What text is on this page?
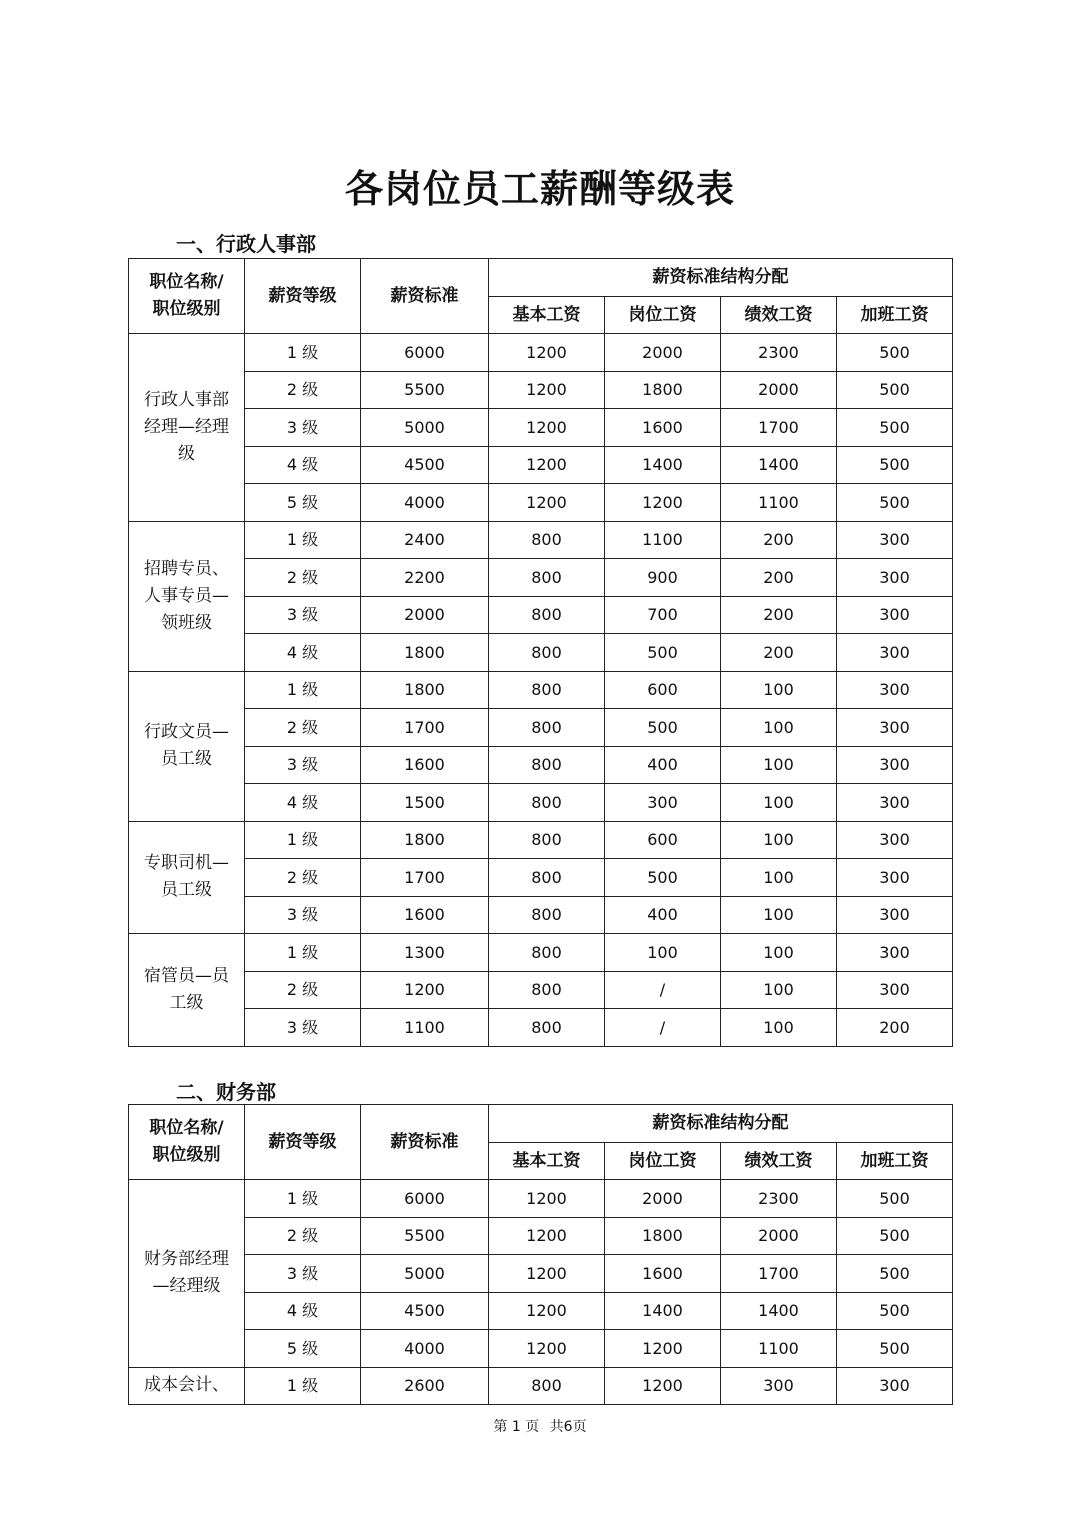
各岗位员工薪酬等级表
一、行政人事部
职位名称/职位级别	薪资等级	薪资标准	薪资标准结构分配			
			基本工资	岗位工资	绩效工资	加班工资
行政人事部经理—经理级	1 级	6000	1200	2000	2300	500
	2 级	5500	1200	1800	2000	500
	3 级	5000	1200	1600	1700	500
	4 级	4500	1200	1400	1400	500
	5 级	4000	1200	1200	1100	500
招聘专员、人事专员—领班级	1 级	2400	800	1100	200	300
	2 级	2200	800	900	200	300
	3 级	2000	800	700	200	300
	4 级	1800	800	500	200	300
行政文员—员工级	1 级	1800	800	600	100	300
	2 级	1700	800	500	100	300
	3 级	1600	800	400	100	300
	4 级	1500	800	300	100	300
专职司机—员工级	1 级	1800	800	600	100	300
	2 级	1700	800	500	100	300
	3 级	1600	800	400	100	300
宿管员—员工级	1 级	1300	800	100	100	300
	2 级	1200	800	/	100	300
	3 级	1100	800	/	100	200
二、财务部
职位名称/职位级别	薪资等级	薪资标准	薪资标准结构分配			
			基本工资	岗位工资	绩效工资	加班工资
财务部经理—经理级	1 级	6000	1200	2000	2300	500
	2 级	5500	1200	1800	2000	500
	3 级	5000	1200	1600	1700	500
	4 级	4500	1200	1400	1400	500
	5 级	4000	1200	1200	1100	500
成本会计、	1 级	2600	800	1200	300	300
第 1 页 共6页
